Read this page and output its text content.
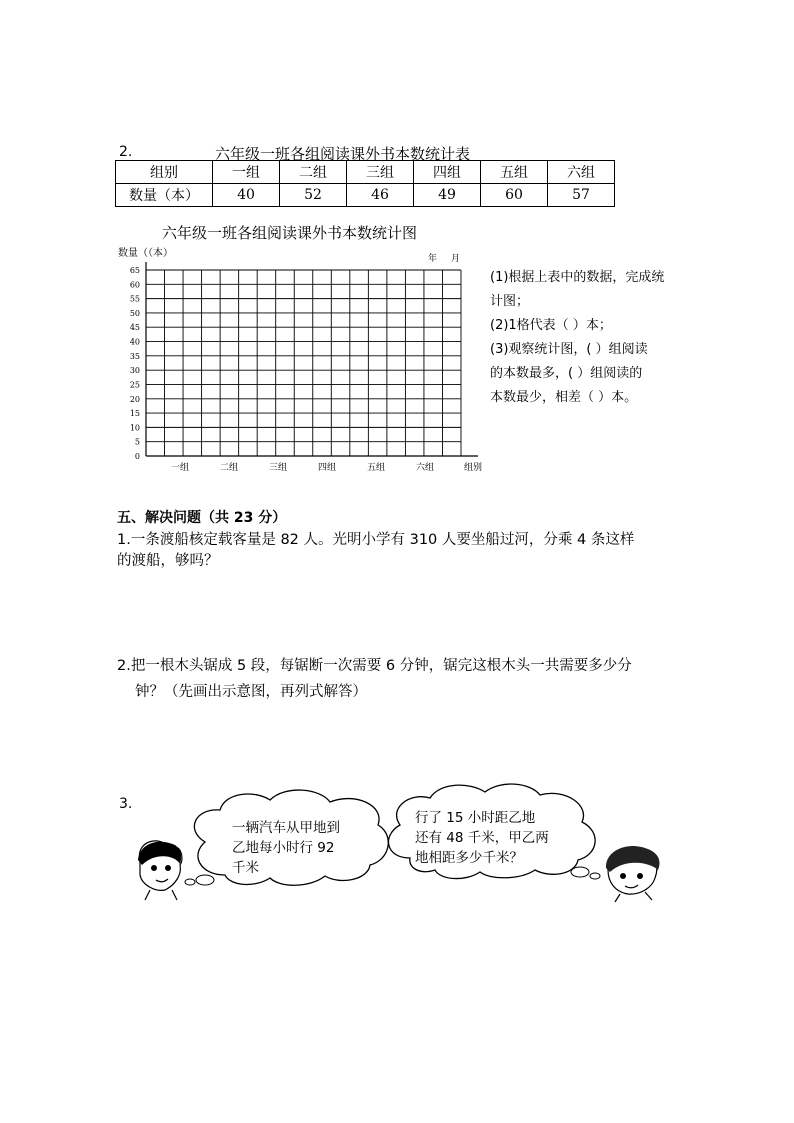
2.	六年级一班各组阅读课外书本数统计表
组别	一组	二组	三组	四组	五组	六组
数量（本）	40	52	46	49	60	57
六年级一班各组阅读课外书本数统计图
数量（（本）	年月
0
5
10
15
20
25
30
35
40
45
50
55
60
65
一组	二组	三组	四组	五组	六组	组别
(1)根据上表中的数据，完成统
计图；
(2)1格代表（ ）本；
(3)观察统计图，( ）组阅读
的本数最多，( ）组阅读的
本数最少，相差（ ）本。
五、解决问题（共 23 分）
1.一条渡船核定载客量是 82 人。光明小学有 310 人要坐船过河，分乘 4 条这样
的渡船，够吗？
2.把一根木头锯成 5 段，每锯断一次需要 6 分钟，锯完这根木头一共需要多少分
钟？（先画出示意图，再列式解答）
3.
一辆汽车从甲地到
乙地每小时行 92
行了 15 小时距乙地
还有 48 千米，甲乙两
地相距多少千米？
